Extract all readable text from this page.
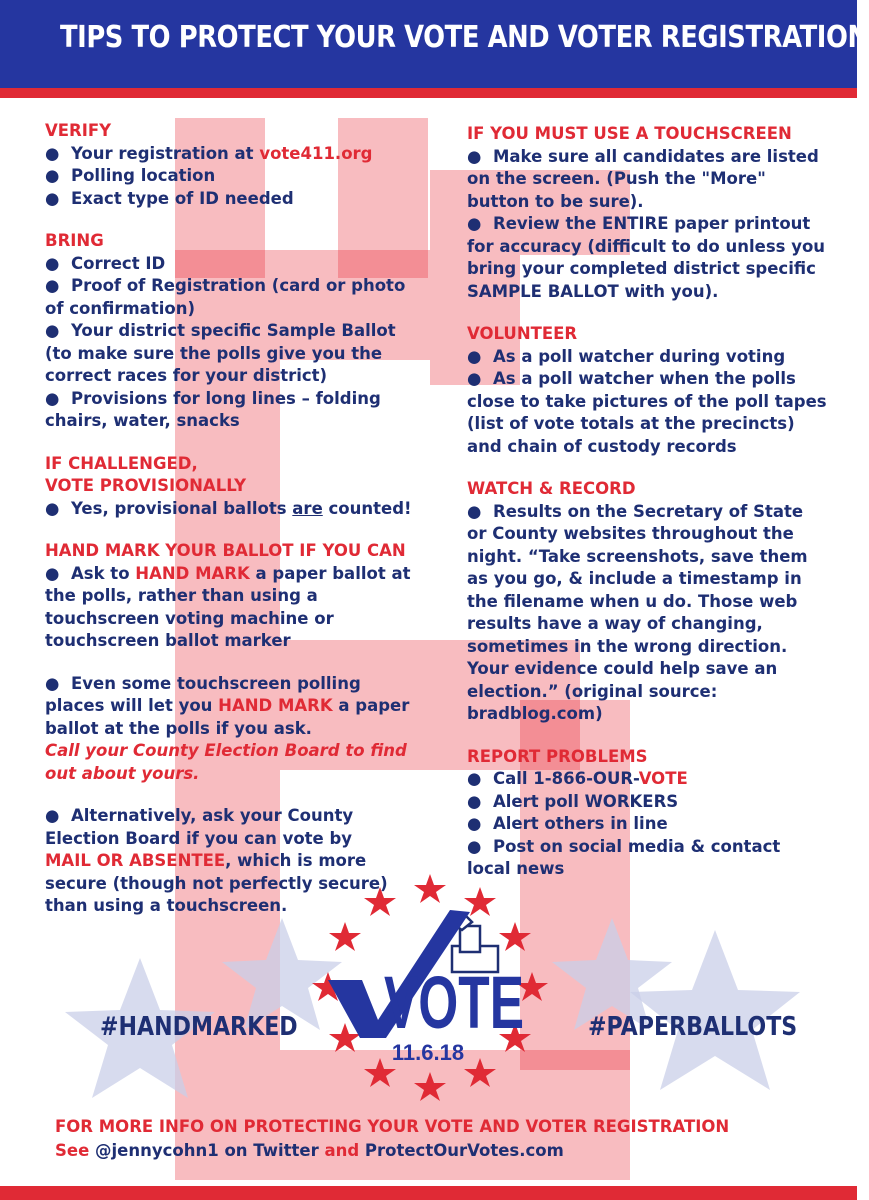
TIPS TO PROTECT YOUR VOTE AND VOTER REGISTRATION
VERIFY
● Your registration at vote411.org
● Polling location
● Exact type of ID needed
BRING
● Correct ID
● Proof of Registration (card or photo of confirmation)
● Your district specific Sample Ballot (to make sure the polls give you the correct races for your district)
● Provisions for long lines – folding chairs, water, snacks
IF CHALLENGED,
VOTE PROVISIONALLY
● Yes, provisional ballots are counted!
HAND MARK YOUR BALLOT IF YOU CAN
● Ask to HAND MARK a paper ballot at the polls, rather than using a touchscreen voting machine or touchscreen ballot marker
● Even some touchscreen polling places will let you HAND MARK a paper ballot at the polls if you ask.
Call your County Election Board to find out about yours.
● Alternatively, ask your County Election Board if you can vote by
MAIL OR ABSENTEE, which is more secure (though not perfectly secure) than using a touchscreen.
IF YOU MUST USE A TOUCHSCREEN
● Make sure all candidates are listed on the screen. (Push the "More" button to be sure).
● Review the ENTIRE paper printout for accuracy (difficult to do unless you bring your completed district specific SAMPLE BALLOT with you).
VOLUNTEER
● As a poll watcher during voting
● As a poll watcher when the polls close to take pictures of the poll tapes (list of vote totals at the precincts) and chain of custody records
WATCH & RECORD
● Results on the Secretary of State or County websites throughout the night. “Take screenshots, save them as you go, & include a timestamp in the filename when u do. Those web results have a way of changing, sometimes in the wrong direction. Your evidence could help save an election.” (original source: bradblog.com)
REPORT PROBLEMS
● Call 1-866-OUR-VOTE
● Alert poll WORKERS
● Alert others in line
● Post on social media & contact local news
VOTE
11.6.18
#HANDMARKED	#PAPERBALLOTS
FOR MORE INFO ON PROTECTING YOUR VOTE AND VOTER REGISTRATION
See @jennycohn1 on Twitter and ProtectOurVotes.com
